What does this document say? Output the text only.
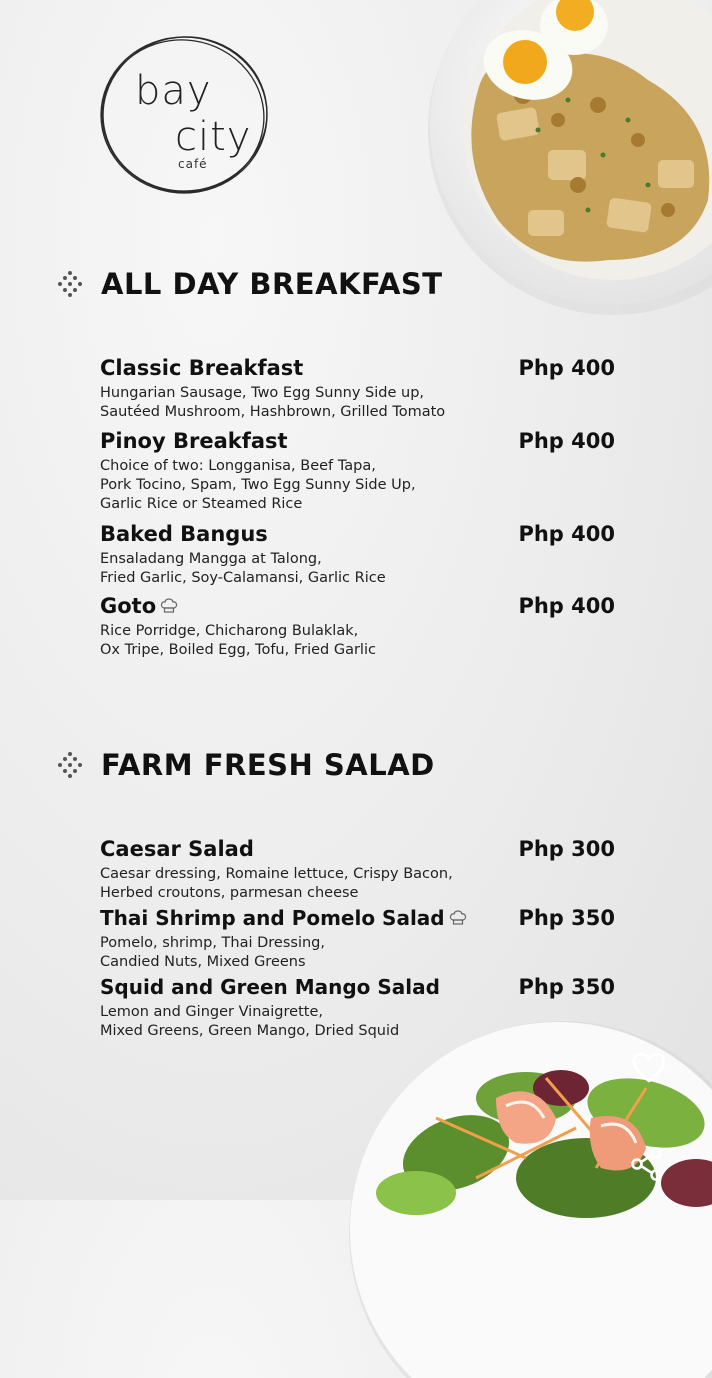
bay
city
café
ALL DAY BREAKFAST
Classic Breakfast	Php 400
Hungarian Sausage, Two Egg Sunny Side up,
Sautéed Mushroom, Hashbrown, Grilled Tomato
Pinoy Breakfast	Php 400
Choice of two: Longganisa, Beef Tapa,
Pork Tocino, Spam, Two Egg Sunny Side Up,
Garlic Rice or Steamed Rice
Baked Bangus	Php 400
Ensaladang Mangga at Talong,
Fried Garlic, Soy-Calamansi, Garlic Rice
Goto	Php 400
Rice Porridge, Chicharong Bulaklak,
Ox Tripe, Boiled Egg, Tofu, Fried Garlic
FARM FRESH SALAD
Caesar Salad	Php 300
Caesar dressing, Romaine lettuce, Crispy Bacon,
Herbed croutons, parmesan cheese
Thai Shrimp and Pomelo Salad	Php 350
Pomelo, shrimp, Thai Dressing,
Candied Nuts, Mixed Greens
Squid and Green Mango Salad	Php 350
Lemon and Ginger Vinaigrette,
Mixed Greens, Green Mango, Dried Squid
